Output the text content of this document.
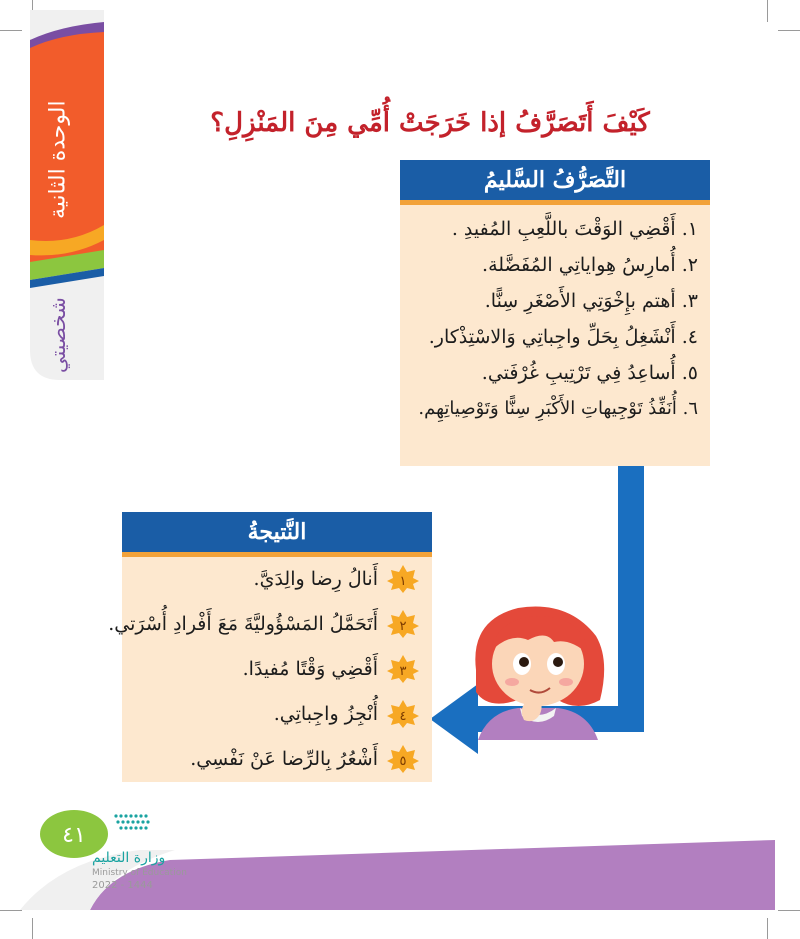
الوحدة الثانية
شخصيتي
كَيْفَ أَتَصَرَّفُ إذا خَرَجَتْ أُمِّي مِنَ المَنْزِلِ؟
التَّصَرُّفُ السَّليمُ
١. أَقْضِي الوَقْتَ باللَّعِبِ المُفيدِ .
٢. أُمارِسُ هِواياتِي المُفَضَّلة.
٣. أهتم بإِخْوَتِي الأَصْغَرِ سِنًّا.
٤. أَنْشَغِلُ بِحَلِّ واجِباتِي وَالاسْتِذْكار.
٥. أُساعِدُ فِي تَرْتِيبِ غُرْفَتي.
٦. أُنَفِّذُ تَوْجِيهاتِ الأَكْبَرِ سِنًّا وَتَوْصِياتِهِم.
النَّتيجةُ
١
أَنالُ رِضا والِدَيَّ.
٢
أَتَحَمَّلُ المَسْؤُوليَّةَ مَعَ أَفْرادِ أُسْرَتي.
٣
أَقْضِي وَقْتًا مُفيدًا.
٤
أُنْجِزُ واجِباتِي.
٥
أَشْعُرُ بِالرِّضا عَنْ نَفْسِي.
٤١
وزارة التعليم
Ministry of Education
2022 - 1444
